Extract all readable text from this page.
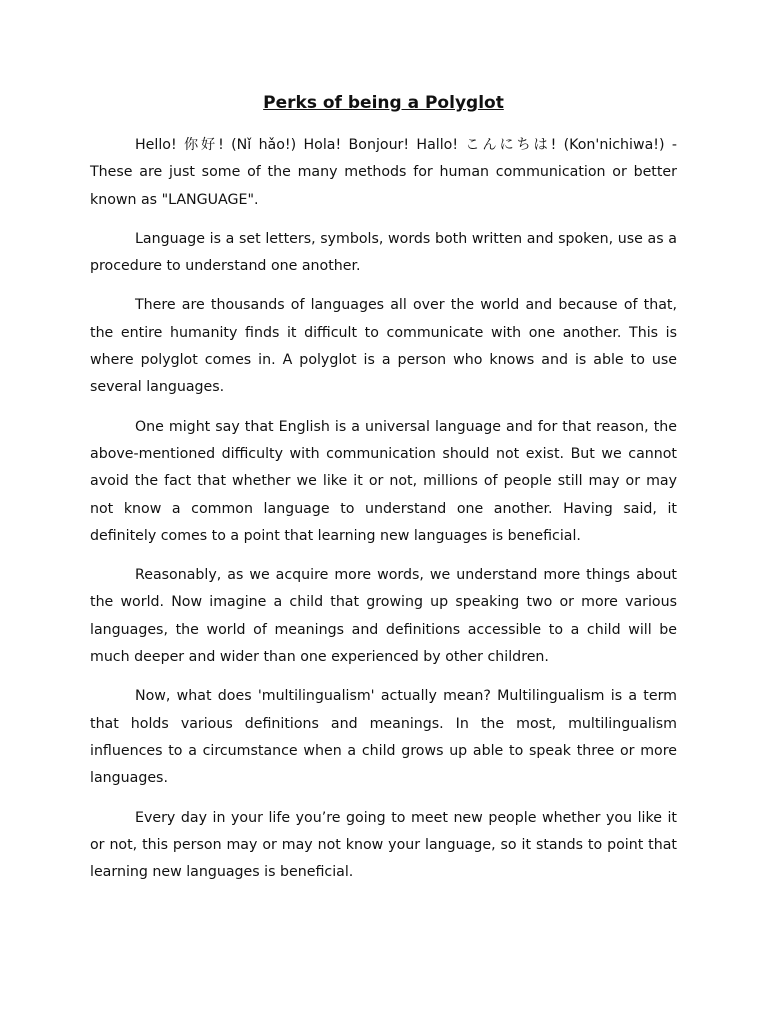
Perks of being a Polyglot

Hello! 你好! (Nǐ hǎo!) Hola! Bonjour! Hallo! こんにちは! (Kon'nichiwa!) - These are just some of the many methods for human communication or better known as "LANGUAGE".

Language is a set letters, symbols, words both written and spoken, use as a procedure to understand one another.

There are thousands of languages all over the world and because of that, the entire humanity finds it difficult to communicate with one another. This is where polyglot comes in. A polyglot is a person who knows and is able to use several languages.

One might say that English is a universal language and for that reason, the above-mentioned difficulty with communication should not exist. But we cannot avoid the fact that whether we like it or not, millions of people still may or may not know a common language to understand one another. Having said, it definitely comes to a point that learning new languages is beneficial.

Reasonably, as we acquire more words, we understand more things about the world. Now imagine a child that growing up speaking two or more various languages, the world of meanings and definitions accessible to a child will be much deeper and wider than one experienced by other children.

Now, what does 'multilingualism' actually mean? Multilingualism is a term that holds various definitions and meanings. In the most, multilingualism influences to a circumstance when a child grows up able to speak three or more languages.

Every day in your life you’re going to meet new people whether you like it or not, this person may or may not know your language, so it stands to point that learning new languages is beneficial.
